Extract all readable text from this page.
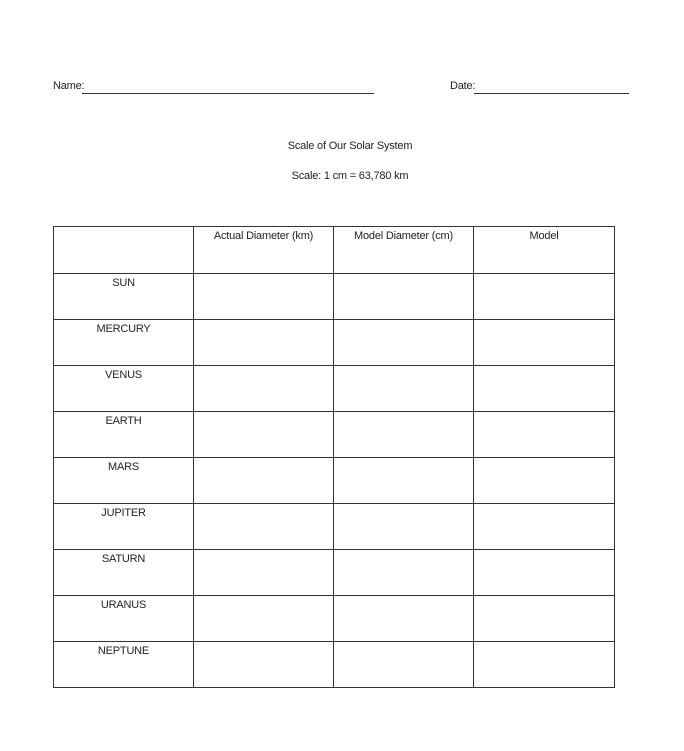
Name:	Date:
Scale of Our Solar System
Scale: 1 cm = 63,780 km
	Actual Diameter (km)	Model Diameter (cm)	Model
SUN			
MERCURY			
VENUS			
EARTH			
MARS			
JUPITER			
SATURN			
URANUS			
NEPTUNE			
